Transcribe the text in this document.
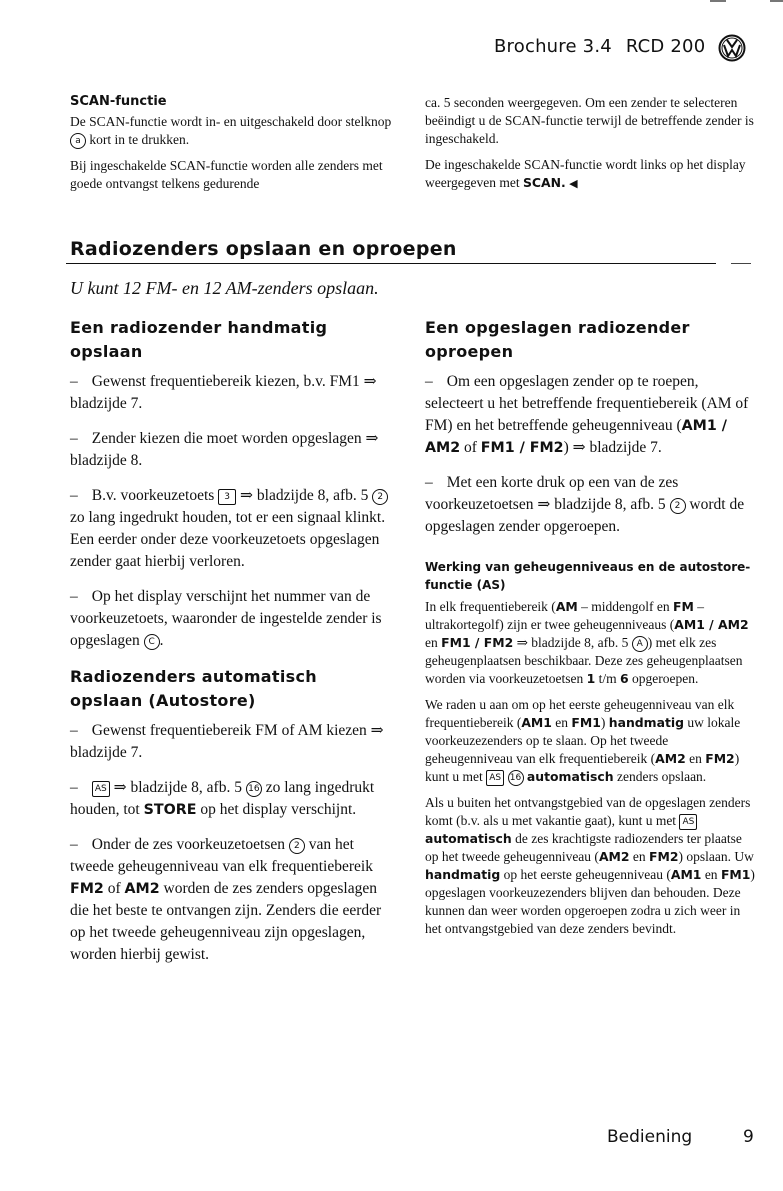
Brochure 3.4 RCD 200
SCAN-functie

De SCAN-functie wordt in- en uitgeschakeld door stelknop a kort in te drukken.

Bij ingeschakelde SCAN-functie worden alle zenders met goede ontvangst telkens gedurende

ca. 5 seconden weergegeven. Om een zender te selecteren beëindigt u de SCAN-functie terwijl de betreffende zender is ingeschakeld.

De ingeschakelde SCAN-functie wordt links op het display weergegeven met SCAN. ◀

Radiozenders opslaan en oproepen
U kunt 12 FM- en 12 AM-zenders opslaan.
Een radiozender handmatig opslaan

– Gewenst frequentiebereik kiezen, b.v. FM1 ⇒ bladzijde 7.

– Zender kiezen die moet worden opgeslagen ⇒ bladzijde 8.

– B.v. voorkeuzetoets 3 ⇒ bladzijde 8, afb. 5 2 zo lang ingedrukt houden, tot er een signaal klinkt. Een eerder onder deze voorkeuzetoets opgeslagen zender gaat hierbij verloren.

– Op het display verschijnt het nummer van de voorkeuzetoets, waaronder de ingestelde zender is opgeslagen C .

Radiozenders automatisch opslaan (Autostore)

– Gewenst frequentiebereik FM of AM kiezen ⇒ bladzijde 7.

– AS ⇒ bladzijde 8, afb. 5 16 zo lang ingedrukt houden, tot STORE op het display verschijnt.

– Onder de zes voorkeuzetoetsen 2 van het tweede geheugenniveau van elk frequentiebereik FM2 of AM2 worden de zes zenders opgeslagen die het beste te ontvangen zijn. Zenders die eerder op het tweede geheugenniveau zijn opgeslagen, worden hierbij gewist.

Een opgeslagen radiozender oproepen

– Om een opgeslagen zender op te roepen, selecteert u het betreffende frequentiebereik (AM of FM) en het betreffende geheugenniveau (AM1 / AM2 of FM1 / FM2) ⇒ bladzijde 7.

– Met een korte druk op een van de zes voorkeuzetoetsen ⇒ bladzijde 8, afb. 5 2 wordt de opgeslagen zender opgeroepen.

Werking van geheugenniveaus en de autostore-functie (AS)

In elk frequentiebereik (AM – middengolf en FM – ultrakortegolf) zijn er twee geheugenniveaus (AM1 / AM2 en FM1 / FM2 ⇒ bladzijde 8, afb. 5 A ) met elk zes geheugenplaatsen beschikbaar. Deze zes geheugenplaatsen worden via voorkeuzetoetsen 1 t/m 6 opgeroepen.

We raden u aan om op het eerste geheugenniveau van elk frequentiebereik (AM1 en FM1) handmatig uw lokale voorkeuzezenders op te slaan. Op het tweede geheugenniveau van elk frequentiebereik (AM2 en FM2) kunt u met AS 16 automatisch zenders opslaan.

Als u buiten het ontvangstgebied van de opgeslagen zenders komt (b.v. als u met vakantie gaat), kunt u met AS automatisch de zes krachtigste radiozenders ter plaatse op het tweede geheugenniveau (AM2 en FM2) opslaan. Uw handmatig op het eerste geheugenniveau (AM1 en FM1) opgeslagen voorkeuzezenders blijven dan behouden. Deze kunnen dan weer worden opgeroepen zodra u zich weer in het ontvangstgebied van deze zenders bevindt.

Bediening	9
